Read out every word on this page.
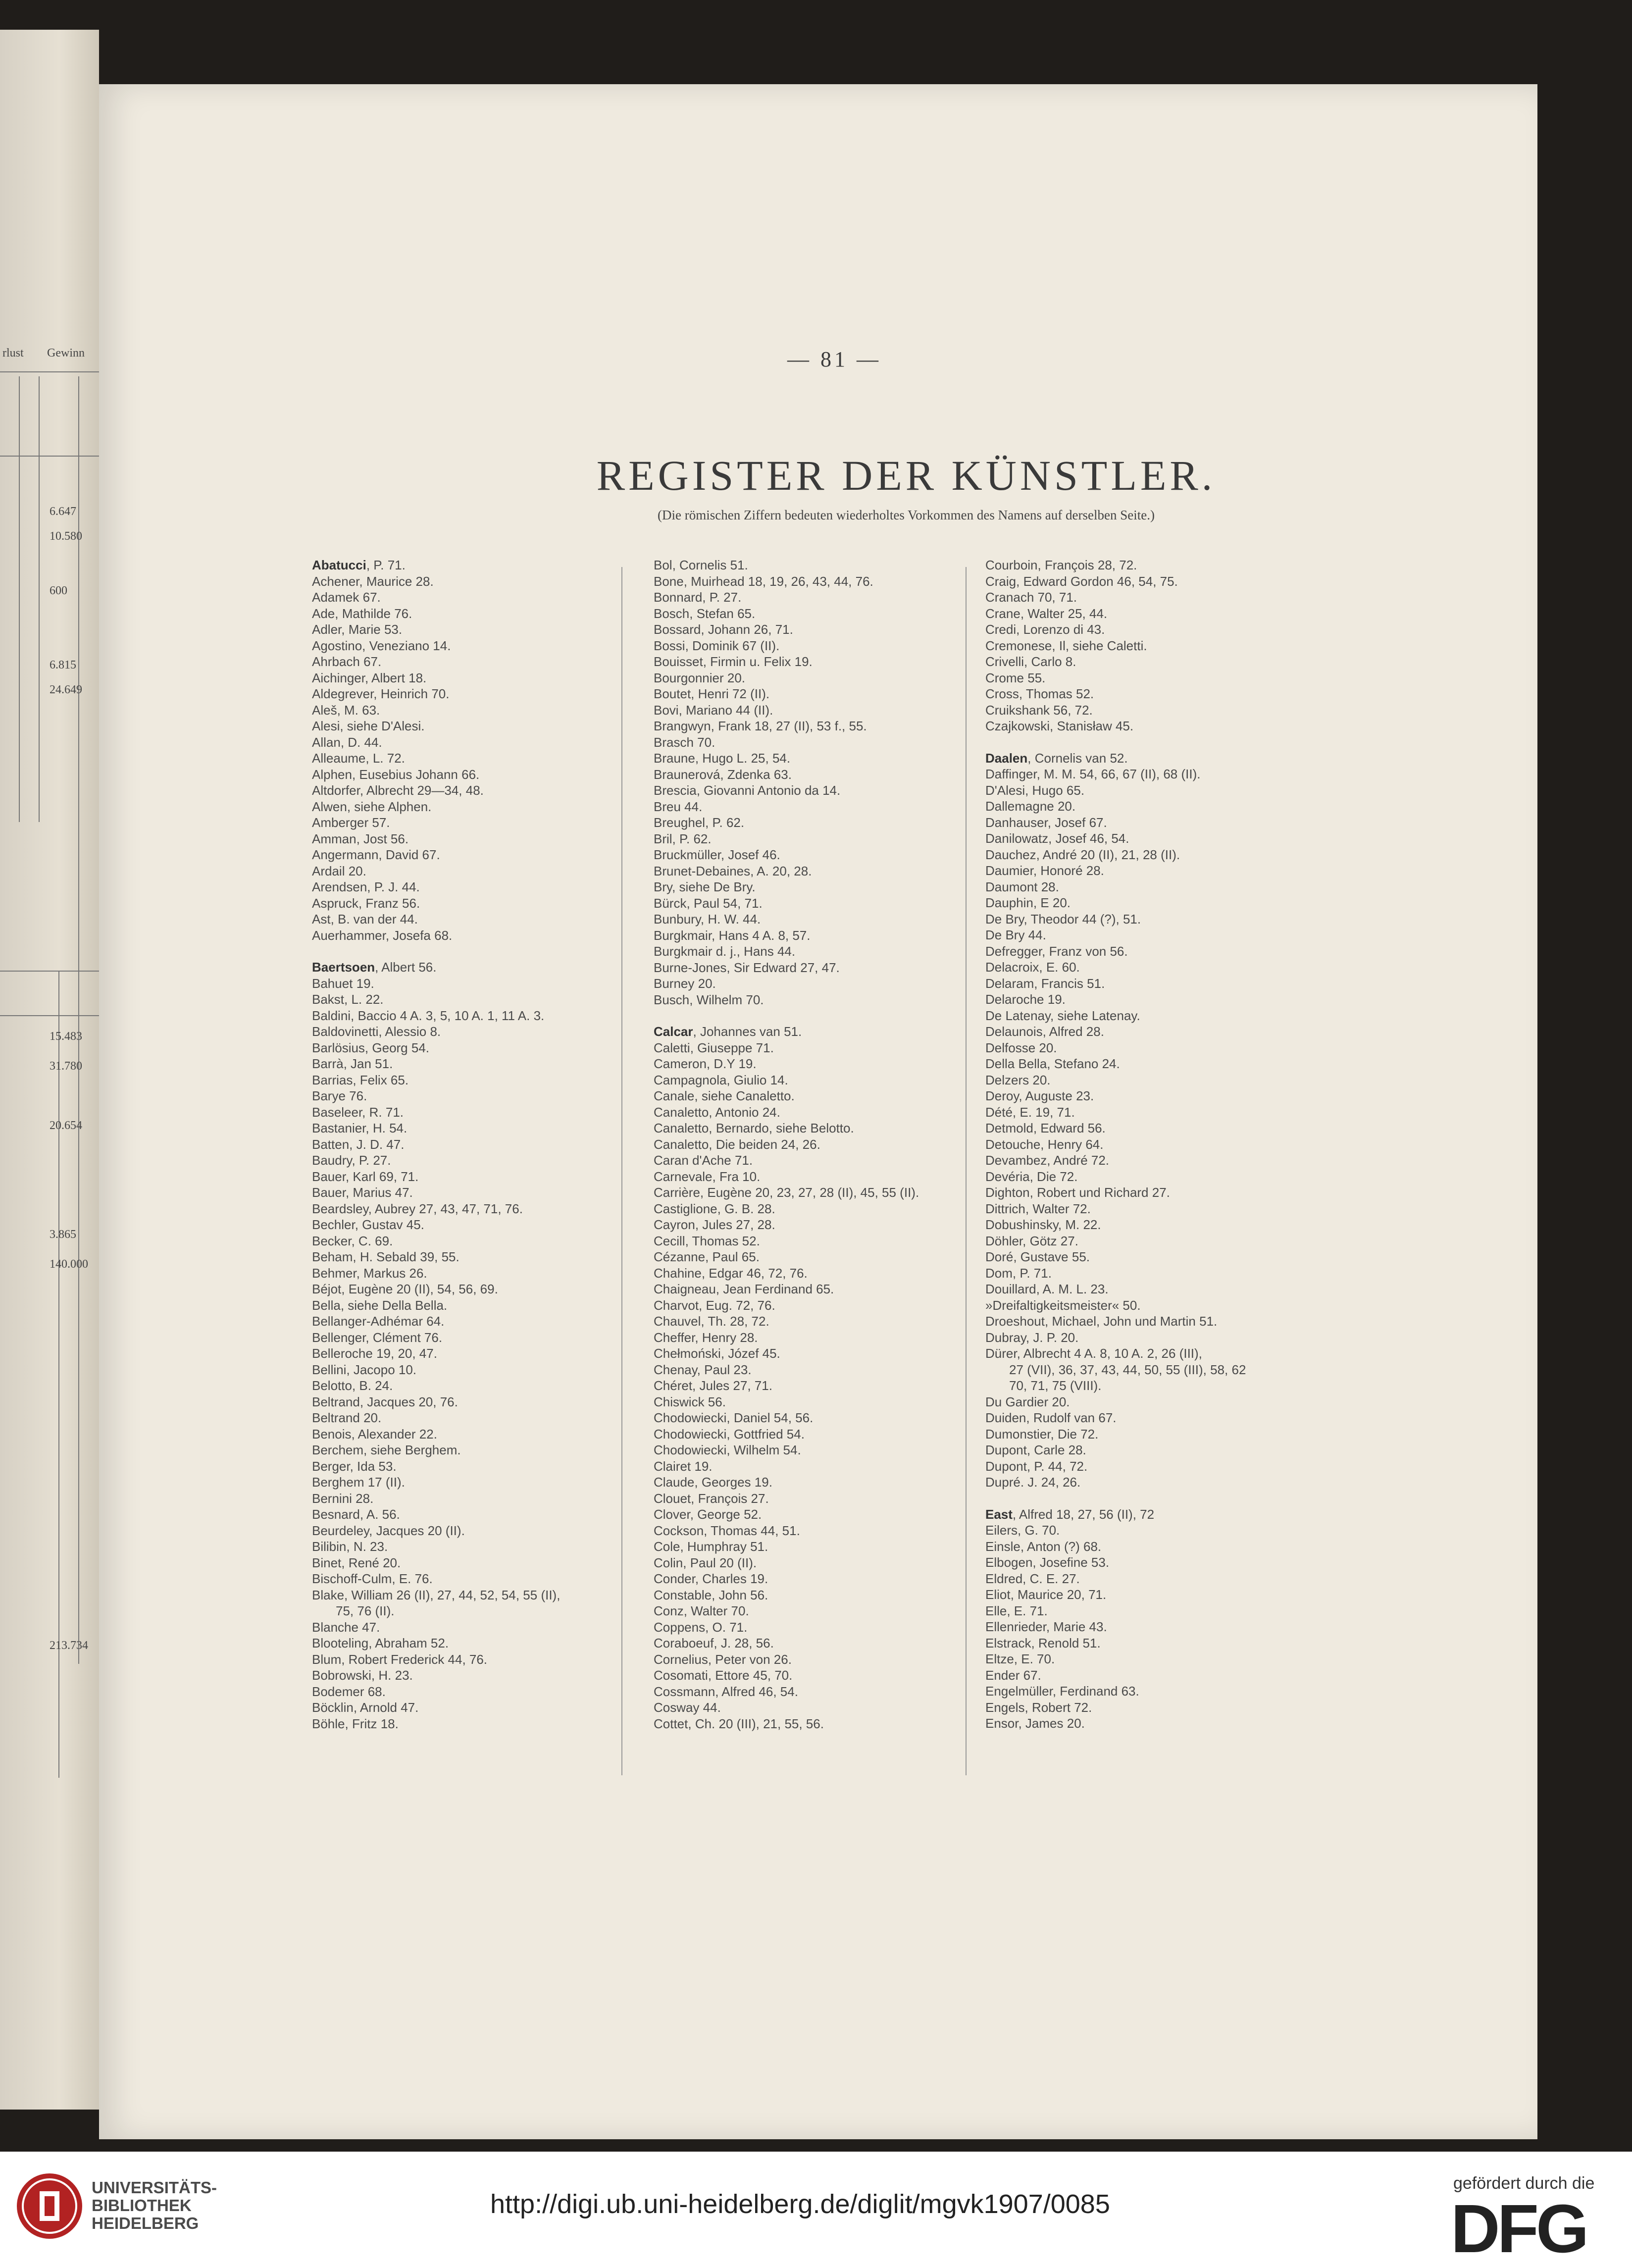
rlust Gewinn
6.647
10.580
600
6.815
24.649
15.483
31.780
20.654
3.865
140.000
213.734
— 81 —
REGISTER DER KÜNSTLER.
(Die römischen Ziffern bedeuten wiederholtes Vorkommen des Namens auf derselben Seite.)
Abatucci, P. 71.
Achener, Maurice 28.
Adamek 67.
Ade, Mathilde 76.
Adler, Marie 53.
Agostino, Veneziano 14.
Ahrbach 67.
Aichinger, Albert 18.
Aldegrever, Heinrich 70.
Aleš, M. 63.
Alesi, siehe D'Alesi.
Allan, D. 44.
Alleaume, L. 72.
Alphen, Eusebius Johann 66.
Altdorfer, Albrecht 29—34, 48.
Alwen, siehe Alphen.
Amberger 57.
Amman, Jost 56.
Angermann, David 67.
Ardail 20.
Arendsen, P. J. 44.
Aspruck, Franz 56.
Ast, B. van der 44.
Auerhammer, Josefa 68.
Baertsoen, Albert 56.
Bahuet 19.
Bakst, L. 22.
Baldini, Baccio 4 A. 3, 5, 10 A. 1, 11 A. 3.
Baldovinetti, Alessio 8.
Barlösius, Georg 54.
Barrà, Jan 51.
Barrias, Felix 65.
Barye 76.
Baseleer, R. 71.
Bastanier, H. 54.
Batten, J. D. 47.
Baudry, P. 27.
Bauer, Karl 69, 71.
Bauer, Marius 47.
Beardsley, Aubrey 27, 43, 47, 71, 76.
Bechler, Gustav 45.
Becker, C. 69.
Beham, H. Sebald 39, 55.
Behmer, Markus 26.
Béjot, Eugène 20 (II), 54, 56, 69.
Bella, siehe Della Bella.
Bellanger-Adhémar 64.
Bellenger, Clément 76.
Belleroche 19, 20, 47.
Bellini, Jacopo 10.
Belotto, B. 24.
Beltrand, Jacques 20, 76.
Beltrand 20.
Benois, Alexander 22.
Berchem, siehe Berghem.
Berger, Ida 53.
Berghem 17 (II).
Bernini 28.
Besnard, A. 56.
Beurdeley, Jacques 20 (II).
Bilibin, N. 23.
Binet, René 20.
Bischoff-Culm, E. 76.
Blake, William 26 (II), 27, 44, 52, 54, 55 (II),
75, 76 (II).
Blanche 47.
Blooteling, Abraham 52.
Blum, Robert Frederick 44, 76.
Bobrowski, H. 23.
Bodemer 68.
Böcklin, Arnold 47.
Böhle, Fritz 18.
Bol, Cornelis 51.
Bone, Muirhead 18, 19, 26, 43, 44, 76.
Bonnard, P. 27.
Bosch, Stefan 65.
Bossard, Johann 26, 71.
Bossi, Dominik 67 (II).
Bouisset, Firmin u. Felix 19.
Bourgonnier 20.
Boutet, Henri 72 (II).
Bovi, Mariano 44 (II).
Brangwyn, Frank 18, 27 (II), 53 f., 55.
Brasch 70.
Braune, Hugo L. 25, 54.
Braunerová, Zdenka 63.
Brescia, Giovanni Antonio da 14.
Breu 44.
Breughel, P. 62.
Bril, P. 62.
Bruckmüller, Josef 46.
Brunet-Debaines, A. 20, 28.
Bry, siehe De Bry.
Bürck, Paul 54, 71.
Bunbury, H. W. 44.
Burgkmair, Hans 4 A. 8, 57.
Burgkmair d. j., Hans 44.
Burne-Jones, Sir Edward 27, 47.
Burney 20.
Busch, Wilhelm 70.
Calcar, Johannes van 51.
Caletti, Giuseppe 71.
Cameron, D.Y 19.
Campagnola, Giulio 14.
Canale, siehe Canaletto.
Canaletto, Antonio 24.
Canaletto, Bernardo, siehe Belotto.
Canaletto, Die beiden 24, 26.
Caran d'Ache 71.
Carnevale, Fra 10.
Carrière, Eugène 20, 23, 27, 28 (II), 45, 55 (II).
Castiglione, G. B. 28.
Cayron, Jules 27, 28.
Cecill, Thomas 52.
Cézanne, Paul 65.
Chahine, Edgar 46, 72, 76.
Chaigneau, Jean Ferdinand 65.
Charvot, Eug. 72, 76.
Chauvel, Th. 28, 72.
Cheffer, Henry 28.
Chełmoński, Józef 45.
Chenay, Paul 23.
Chéret, Jules 27, 71.
Chiswick 56.
Chodowiecki, Daniel 54, 56.
Chodowiecki, Gottfried 54.
Chodowiecki, Wilhelm 54.
Clairet 19.
Claude, Georges 19.
Clouet, François 27.
Clover, George 52.
Cockson, Thomas 44, 51.
Cole, Humphray 51.
Colin, Paul 20 (II).
Conder, Charles 19.
Constable, John 56.
Conz, Walter 70.
Coppens, O. 71.
Coraboeuf, J. 28, 56.
Cornelius, Peter von 26.
Cosomati, Ettore 45, 70.
Cossmann, Alfred 46, 54.
Cosway 44.
Cottet, Ch. 20 (III), 21, 55, 56.
Courboin, François 28, 72.
Craig, Edward Gordon 46, 54, 75.
Cranach 70, 71.
Crane, Walter 25, 44.
Credi, Lorenzo di 43.
Cremonese, Il, siehe Caletti.
Crivelli, Carlo 8.
Crome 55.
Cross, Thomas 52.
Cruikshank 56, 72.
Czajkowski, Stanisław 45.
Daalen, Cornelis van 52.
Daffinger, M. M. 54, 66, 67 (II), 68 (II).
D'Alesi, Hugo 65.
Dallemagne 20.
Danhauser, Josef 67.
Danilowatz, Josef 46, 54.
Dauchez, André 20 (II), 21, 28 (II).
Daumier, Honoré 28.
Daumont 28.
Dauphin, E 20.
De Bry, Theodor 44 (?), 51.
De Bry 44.
Defregger, Franz von 56.
Delacroix, E. 60.
Delaram, Francis 51.
Delaroche 19.
De Latenay, siehe Latenay.
Delaunois, Alfred 28.
Delfosse 20.
Della Bella, Stefano 24.
Delzers 20.
Deroy, Auguste 23.
Dété, E. 19, 71.
Detmold, Edward 56.
Detouche, Henry 64.
Devambez, André 72.
Devéria, Die 72.
Dighton, Robert und Richard 27.
Dittrich, Walter 72.
Dobushinsky, M. 22.
Döhler, Götz 27.
Doré, Gustave 55.
Dom, P. 71.
Douillard, A. M. L. 23.
»Dreifaltigkeitsmeister« 50.
Droeshout, Michael, John und Martin 51.
Dubray, J. P. 20.
Dürer, Albrecht 4 A. 8, 10 A. 2, 26 (III),
27 (VII), 36, 37, 43, 44, 50, 55 (III), 58, 62
70, 71, 75 (VIII).
Du Gardier 20.
Duiden, Rudolf van 67.
Dumonstier, Die 72.
Dupont, Carle 28.
Dupont, P. 44, 72.
Dupré. J. 24, 26.
East, Alfred 18, 27, 56 (II), 72
Eilers, G. 70.
Einsle, Anton (?) 68.
Elbogen, Josefine 53.
Eldred, C. E. 27.
Eliot, Maurice 20, 71.
Elle, E. 71.
Ellenrieder, Marie 43.
Elstrack, Renold 51.
Eltze, E. 70.
Ender 67.
Engelmüller, Ferdinand 63.
Engels, Robert 72.
Ensor, James 20.
UNIVERSITÄTS-
BIBLIOTHEK
HEIDELBERG
http://digi.ub.uni-heidelberg.de/diglit/mgvk1907/0085
gefördert durch die
DFG
